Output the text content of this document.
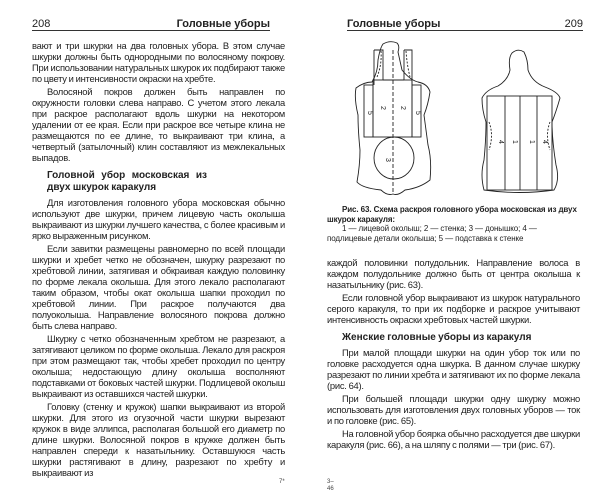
208	Головные уборы

вают и три шкурки на два головных убора. В этом случае шкурки должны быть однородными по волосяному покрову. При использовании натуральных шкурок их подбирают также по цвету и интенсивности окраски на хребте.

Волосяной покров должен быть направлен по окружности головки слева направо. С учетом этого лекала при раскрое располагают вдоль шкурки на некотором удалении от ее края. Если при раскрое все четыре клина не размещаются по ее длине, то выкраивают три клина, а четвертый (затылочный) клин составляют из межлекальных выпадов.

Головной убор московская из двух шкурок каракуля

Для изготовления головного убора московская обычно используют две шкурки, причем лицевую часть околыша выкраивают из шкурки лучшего качества, с более красивым и ярко выраженным рисунком.

Если завитки размещены равномерно по всей площади шкурки и хребет четко не обозначен, шкурку разрезают по хребтовой линии, затягивая и обкраивая каждую половинку по форме лекала околыша. Для этого лекало располагают таким образом, чтобы окат околыша шапки проходил по хребтовой линии. При раскрое получаются два полуоколыша. Направление волосяного покрова должно быть слева направо.

Шкурку с четко обозначенным хребтом не разрезают, а затягивают целиком по форме околыша. Лекало для раскроя при этом размещают так, чтобы хребет проходил по центру околыша; недостающую длину околыша восполняют подставками от боковых частей шкурки. Подлицевой околыш выкраивают из оставшихся частей шкурки.

Головку (стенку и кружок) шапки выкраивают из второй шкурки. Для этого из огузочной части шкурки вырезают кружок в виде эллипса, располагая большой его диаметр по длине шкурки. Волосяной покров в кружке должен быть направлен спереди к назатыльнику. Оставшуюся часть шкурки растягивают в длину, разрезают по хребту и выкраивают из

7*
Головные уборы	209
5
2 2
5
3
4 1 1 4
Рис. 63. Схема раскроя головного убора московская из двух шкурок каракуля:
1 — лицевой околыш; 2 — стенка; 3 — донышко; 4 — подлицевые детали околыша; 5 — подставка к стенке

каждой половинки полудольник. Направление волоса в каждом полудольнике должно быть от центра околыша к назатыльнику (рис. 63).

Если головной убор выкраивают из шкурок натурального серого каракуля, то при их подборке и раскрое учитывают интенсивность окраски хребтовых частей шкурки.

Женские головные уборы из каракуля

При малой площади шкурки на один убор ток или по головке расходуется одна шкурка. В данном случае шкурку разрезают по линии хребта и затягивают их по форме лекала (рис. 64).

При большей площади шкурки одну шкурку можно использовать для изготовления двух головных уборов — ток и по головке (рис. 65).

На головной убор боярка обычно расходуется две шкурки каракуля (рис. 66), а на шляпу с полями — три (рис. 67).

3–46
